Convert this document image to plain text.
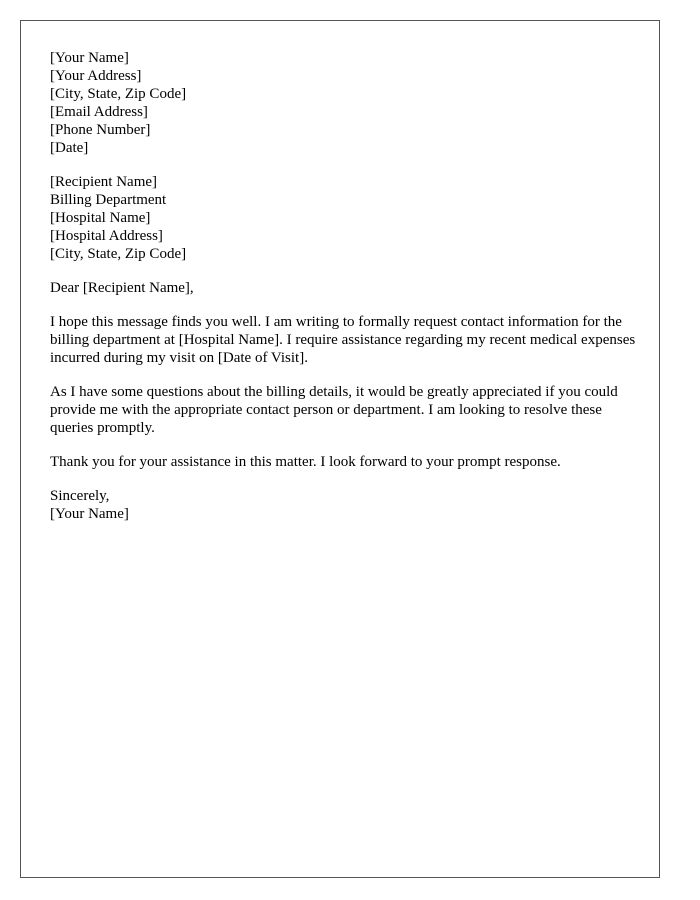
[Your Name]
[Your Address]
[City, State, Zip Code]
[Email Address]
[Phone Number]
[Date]
[Recipient Name]
Billing Department
[Hospital Name]
[Hospital Address]
[City, State, Zip Code]

Dear [Recipient Name],

I hope this message finds you well. I am writing to formally request contact information for the billing department at [Hospital Name]. I require assistance regarding my recent medical expenses incurred during my visit on [Date of Visit].

As I have some questions about the billing details, it would be greatly appreciated if you could provide me with the appropriate contact person or department. I am looking to resolve these queries promptly.

Thank you for your assistance in this matter. I look forward to your prompt response.

Sincerely,
[Your Name]
